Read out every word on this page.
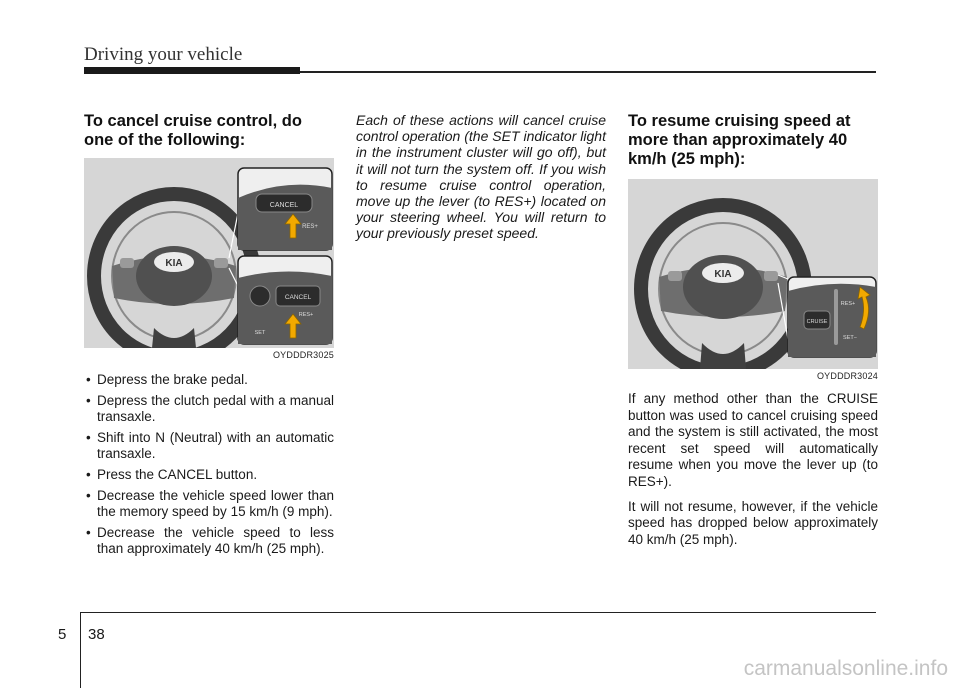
Driving your vehicle
To cancel cruise control, do one of the following:
KIA
CANCEL
RES+
CANCEL
RES+
SET
OYDDDR3025
• Depress the brake pedal.
• Depress the clutch pedal with a manual transaxle.
• Shift into N (Neutral) with an automatic transaxle.
• Press the CANCEL button.
• Decrease the vehicle speed lower than the memory speed by 15 km/h (9 mph).
• Decrease the vehicle speed to less than approximately 40 km/h (25 mph).

Each of these actions will cancel cruise control operation (the SET indicator light in the instrument cluster will go off), but it will not turn the system off. If you wish to resume cruise control operation, move up the lever (to RES+) located on your steering wheel. You will return to your previously preset speed.

To resume cruising speed at more than approximately 40 km/h (25 mph):
KIA
CRUISE
RES+
SET−
OYDDDR3024

If any method other than the CRUISE button was used to cancel cruising speed and the system is still activated, the most recent set speed will automatically resume when you move the lever up (to RES+).

It will not resume, however, if the vehicle speed has dropped below approximately 40 km/h (25 mph).

5 38
carmanualsonline.info
